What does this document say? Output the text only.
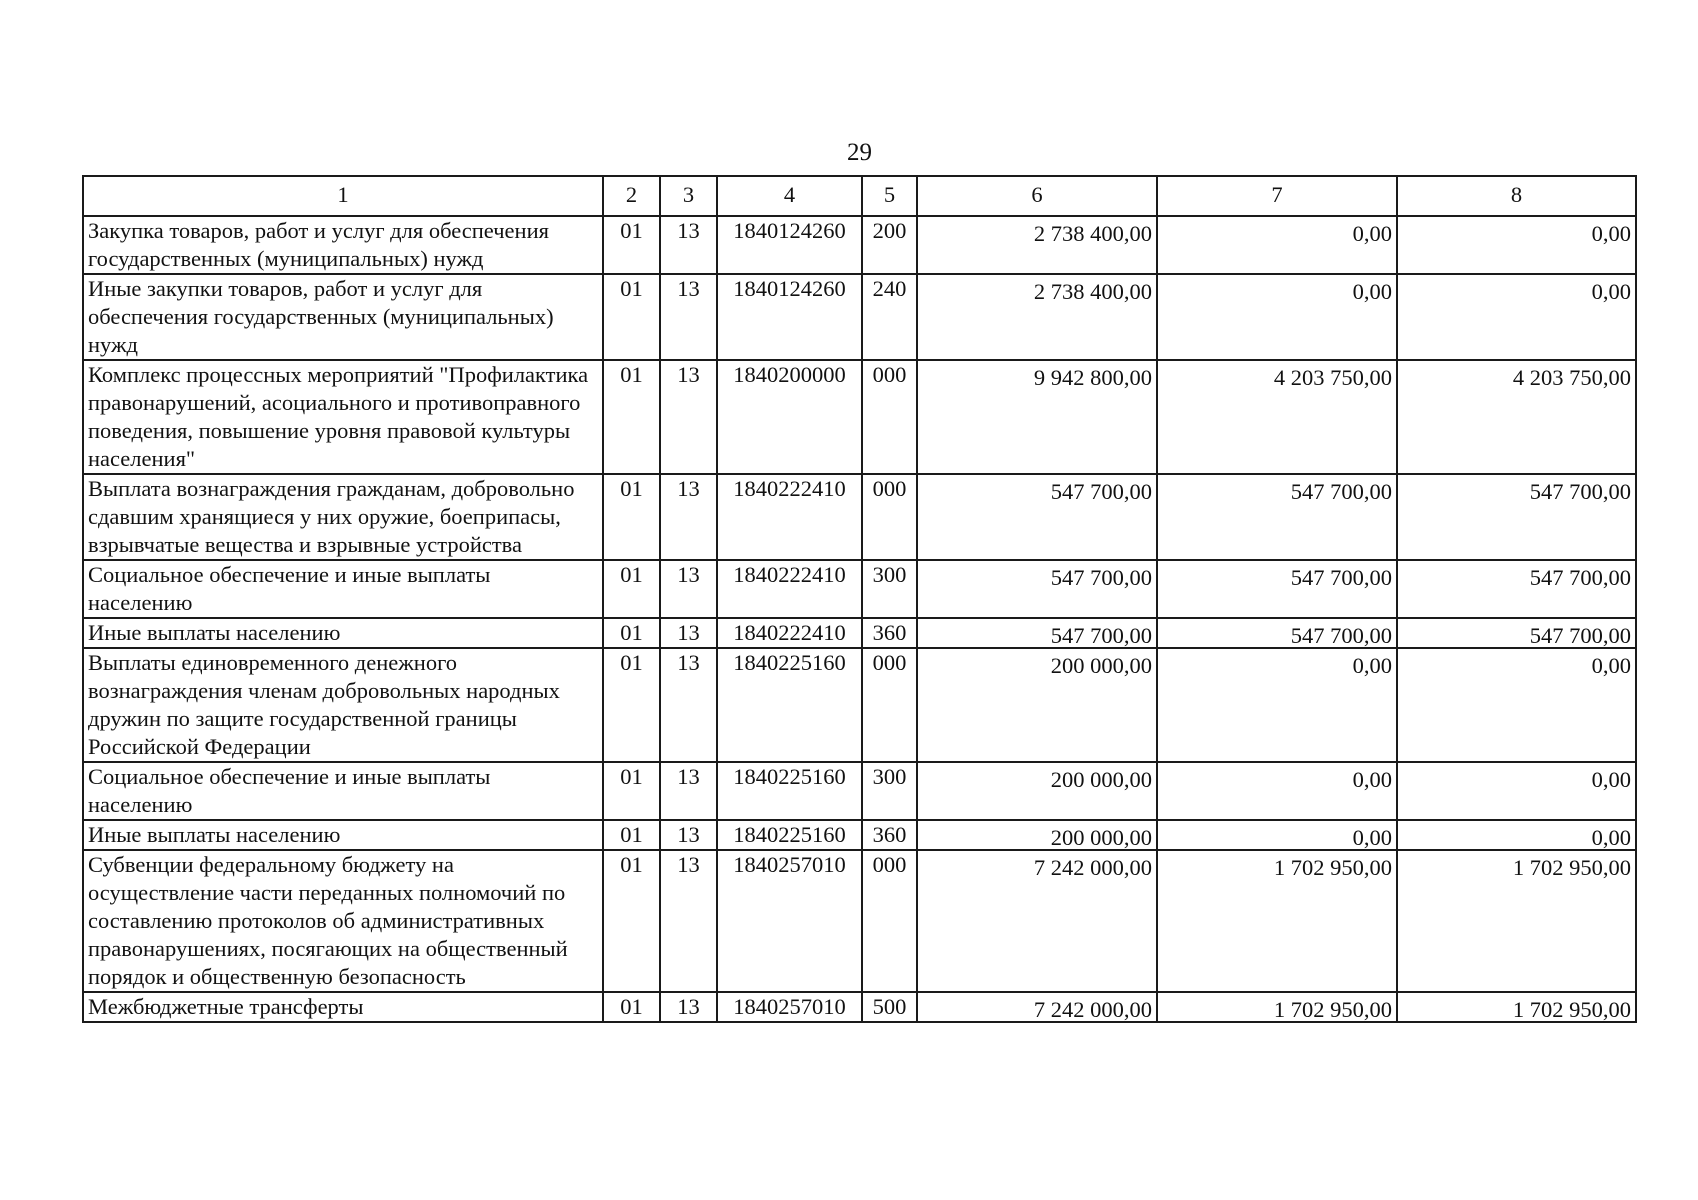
29
1	2	3	4	5	6	7	8
Закупка товаров, работ и услуг для обеспечения государственных (муниципальных) нужд	01	13	1840124260	200	2 738 400,00	0,00	0,00
Иные закупки товаров, работ и услуг для обеспечения государственных (муниципальных) нужд	01	13	1840124260	240	2 738 400,00	0,00	0,00
Комплекс процессных мероприятий "Профилактика правонарушений, асоциального и противоправного поведения, повышение уровня правовой культуры населения"	01	13	1840200000	000	9 942 800,00	4 203 750,00	4 203 750,00
Выплата вознаграждения гражданам, добровольно сдавшим хранящиеся у них оружие, боеприпасы, взрывчатые вещества и взрывные устройства	01	13	1840222410	000	547 700,00	547 700,00	547 700,00
Социальное обеспечение и иные выплаты населению	01	13	1840222410	300	547 700,00	547 700,00	547 700,00
Иные выплаты населению	01	13	1840222410	360	547 700,00	547 700,00	547 700,00
Выплаты единовременного денежного вознаграждения членам добровольных народных дружин по защите государственной границы Российской Федерации	01	13	1840225160	000	200 000,00	0,00	0,00
Социальное обеспечение и иные выплаты населению	01	13	1840225160	300	200 000,00	0,00	0,00
Иные выплаты населению	01	13	1840225160	360	200 000,00	0,00	0,00
Субвенции федеральному бюджету на осуществление части переданных полномочий по составлению протоколов об административных правонарушениях, посягающих на общественный порядок и общественную безопасность	01	13	1840257010	000	7 242 000,00	1 702 950,00	1 702 950,00
Межбюджетные трансферты	01	13	1840257010	500	7 242 000,00	1 702 950,00	1 702 950,00
